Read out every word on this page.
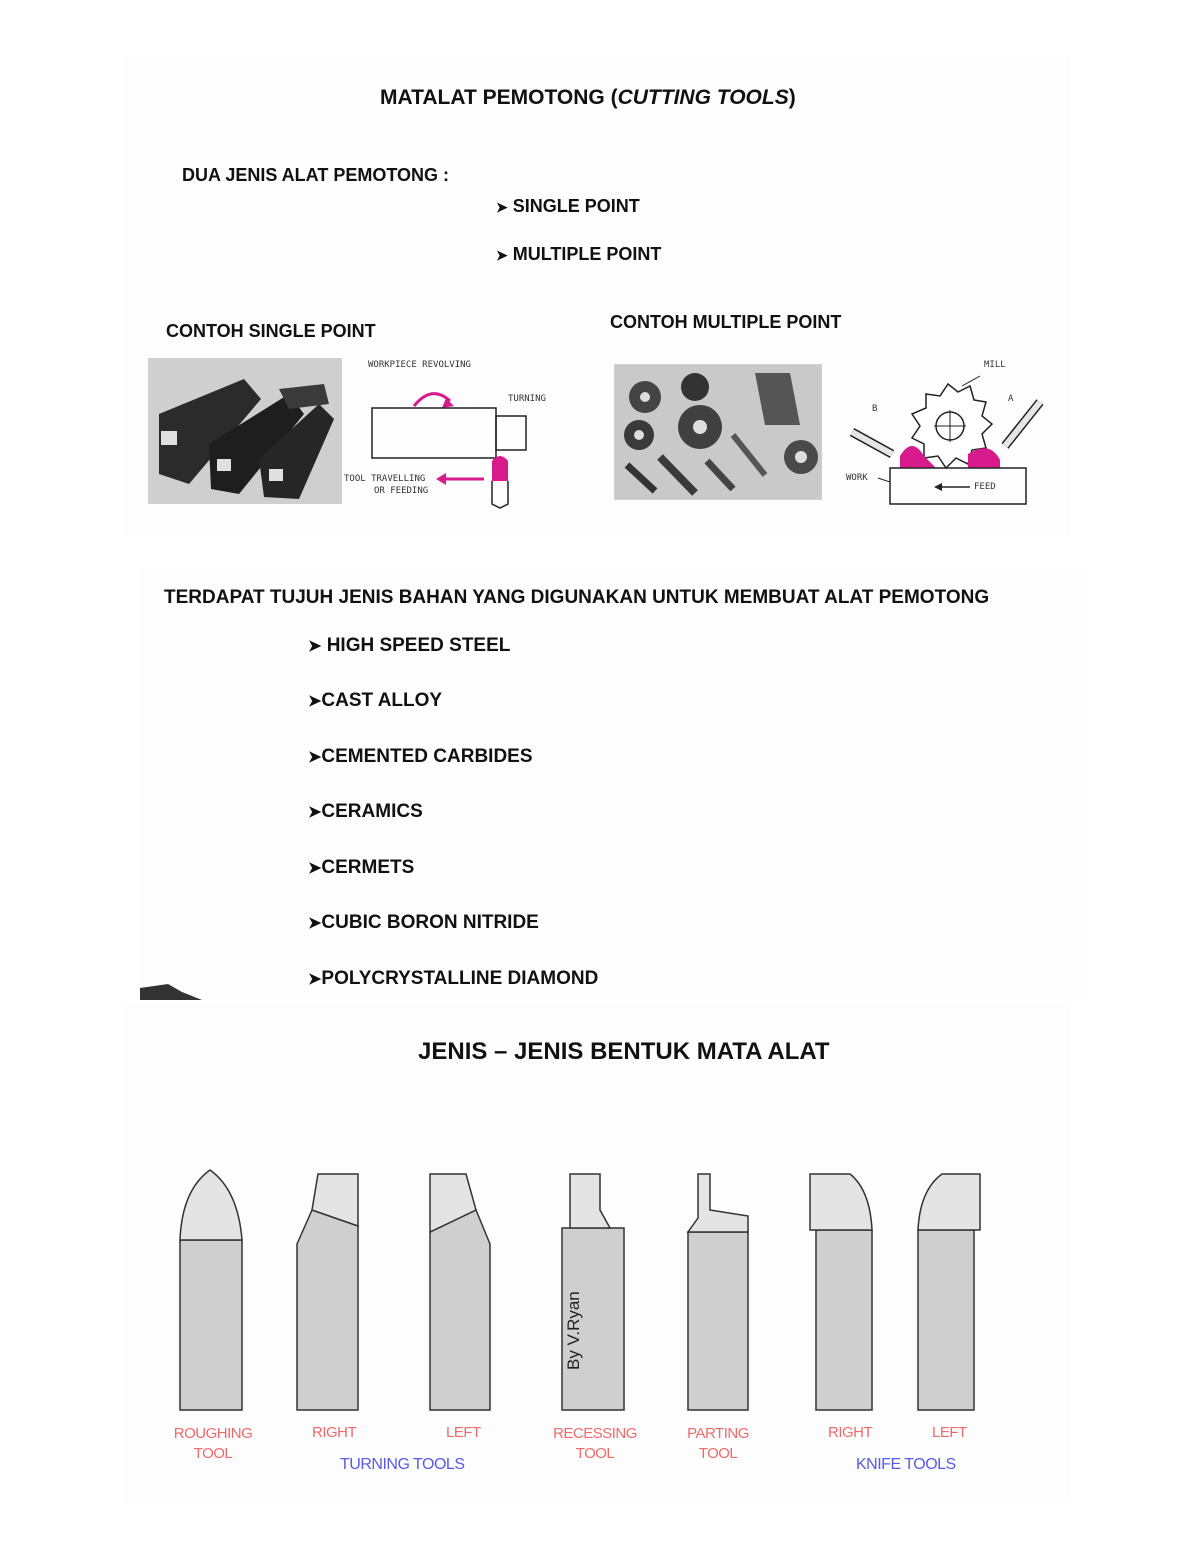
MATALAT PEMOTONG (CUTTING TOOLS)
DUA JENIS ALAT PEMOTONG :
➤ SINGLE POINT
➤ MULTIPLE POINT
CONTOH SINGLE POINT	CONTOH MULTIPLE POINT
WORKPIECE REVOLVING
TURNING
TOOL TRAVELLING
OR FEEDING
MILL
WORK
FEED
A
B
TERDAPAT TUJUH JENIS BAHAN YANG DIGUNAKAN UNTUK MEMBUAT ALAT PEMOTONG
➤ HIGH SPEED STEEL
➤CAST ALLOY
➤CEMENTED CARBIDES
➤CERAMICS
➤CERMETS
➤CUBIC BORON NITRIDE
➤POLYCRYSTALLINE DIAMOND
JENIS – JENIS BENTUK MATA ALAT
By V.Ryan
ROUGHING
TOOL
RIGHT	LEFT	RECESSING
TOOL
PARTING
TOOL
RIGHT	LEFT
TURNING TOOLS	KNIFE TOOLS
